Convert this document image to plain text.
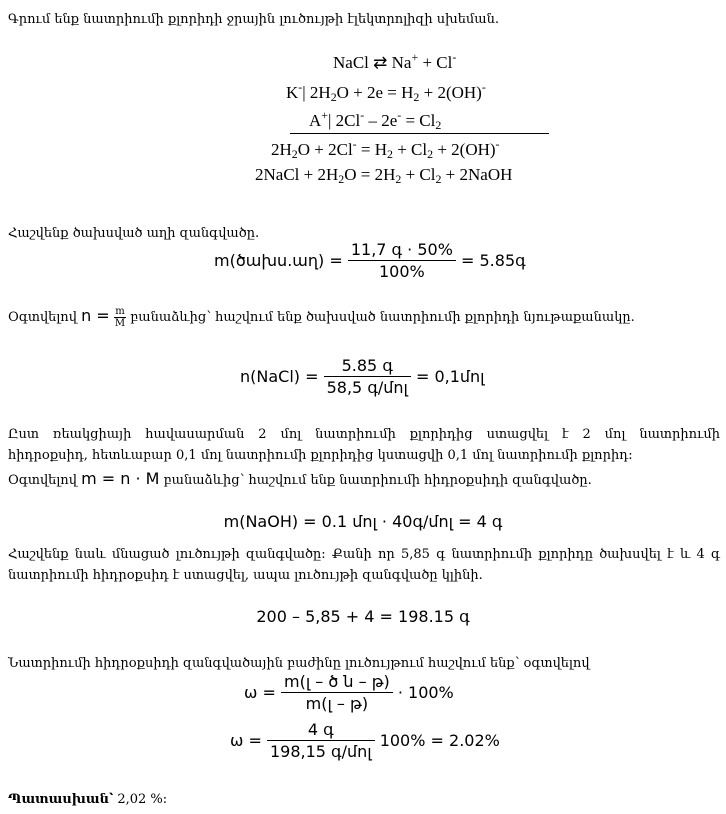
Գրում ենք նատրիումի քլորիդի ջրային լուծույթի էլեկտրոլիզի սխեման.
NaCl ⇄ Na+ + Cl-
K-| $2H_2O + 2e = H_2 + 2(OH)^-$
A+| $2Cl^- - 2e^- = Cl_2$
$2H_2O + 2Cl^- = H_2 + Cl_2 + 2(OH)^-$
2NaCl + $2H_2O = 2H_2 + Cl_2$ + 2NaOH
Հաշվենք ծախսված աղի զանգվածը.
m(ծախս.աղ) = $\frac{\text{11,7 գ · 50\%}}{100\%}$ = 5.85գ
Օգտվելով $n = \frac{m}{M}$ բանաձևից՝ հաշվում ենք ծախսված նատրիումի քլորիդի նյութաքանակը.
n(NaCl) = $\frac{\text{5.85 գ}}{\text{58,5 գ/մոլ}}$ = 0,1մոլ
Ըստ ռեակցիայի հավասարման 2 մոլ նատրիումի քլորիդից ստացվել է 2 մոլ նատրիումի
հիդրօքսիդ, հետևաբար 0,1 մոլ նատրիումի քլորիդից կստացվի 0,1 մոլ նատրիումի քլորիդ:
Օգտվելով m = n · M բանաձևից՝ հաշվում ենք նատրիումի հիդրօքսիդի զանգվածը.
m(NaOH) = 0.1 մոլ · 40գ/մոլ = 4 գ
Հաշվենք նաև մնացած լուծույթի զանգվածը: Քանի որ 5,85 գ նատրիումի քլորիդը ծախսվել է և 4 գ
նատրիումի հիդրօքսիդ է ստացվել, ապա լուծույթի զանգվածը կլինի.
200 – 5,85 + 4 = 198.15 գ
Նատրիումի հիդրօքսիդի զանգվածային բաժինը լուծույթում հաշվում ենք՝ օգտվելով
$\omega = \frac{\text{m(լ – ծ ն – թ)}}{\text{m(լ – թ)}} \cdot 100\%$
$\omega = \frac{\text{4 գ}}{\text{198,15 գ/մոլ}} 100\% = 2.02\%$
Պատասխան՝ 2,02 %:
